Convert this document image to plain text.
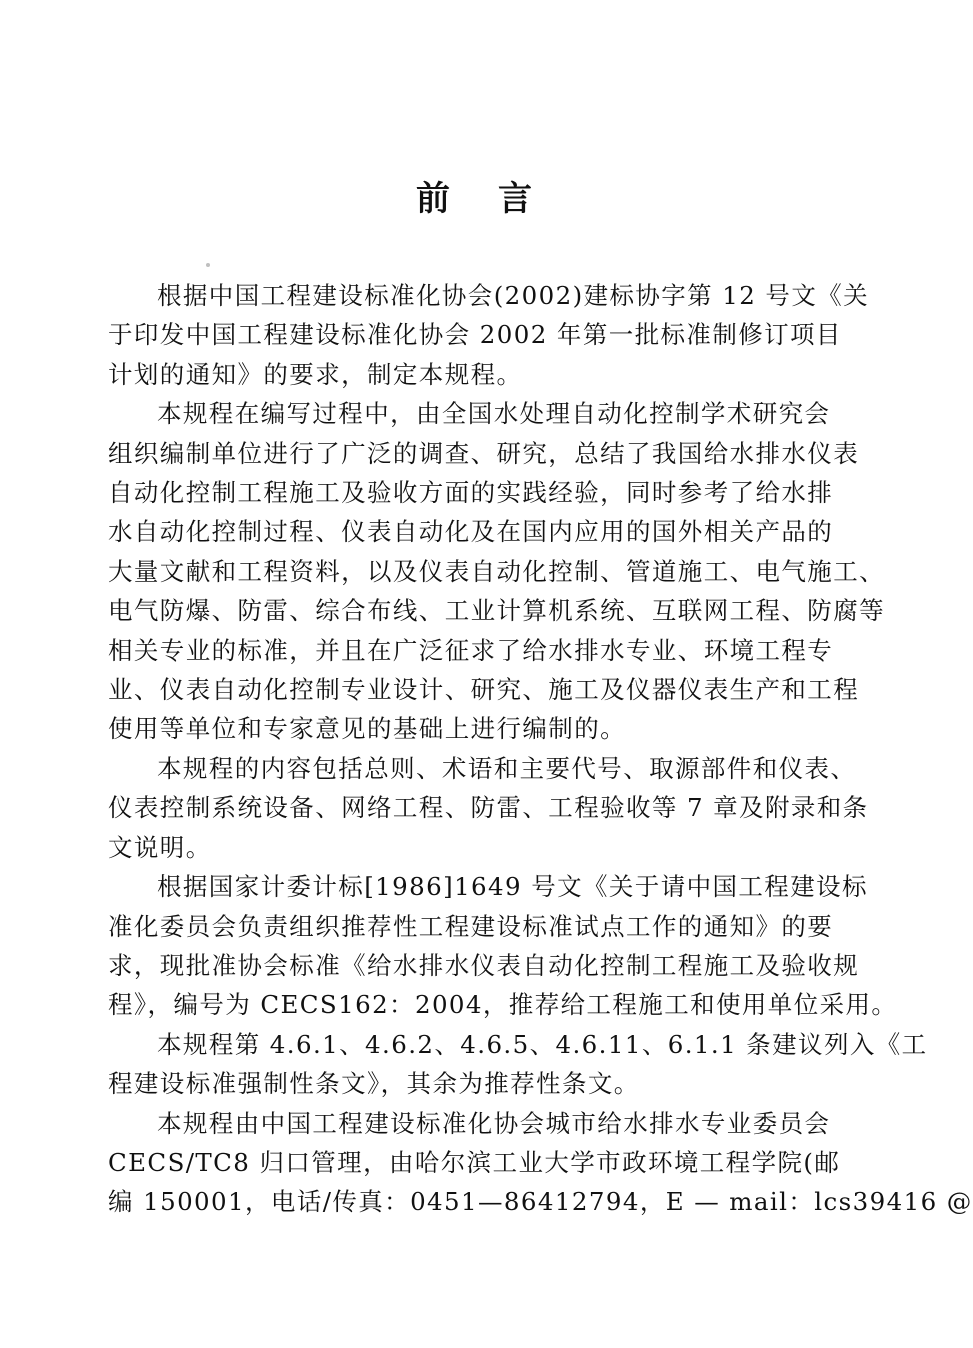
前 言

根据中国工程建设标准化协会(2002)建标协字第 12 号文《关
于印发中国工程建设标准化协会 2002 年第一批标准制修订项目
计划的通知》的要求，制定本规程。

本规程在编写过程中，由全国水处理自动化控制学术研究会
组织编制单位进行了广泛的调查、研究，总结了我国给水排水仪表
自动化控制工程施工及验收方面的实践经验，同时参考了给水排
水自动化控制过程、仪表自动化及在国内应用的国外相关产品的
大量文献和工程资料，以及仪表自动化控制、管道施工、电气施工、
电气防爆、防雷、综合布线、工业计算机系统、互联网工程、防腐等
相关专业的标准，并且在广泛征求了给水排水专业、环境工程专
业、仪表自动化控制专业设计、研究、施工及仪器仪表生产和工程
使用等单位和专家意见的基础上进行编制的。

本规程的内容包括总则、术语和主要代号、取源部件和仪表、
仪表控制系统设备、网络工程、防雷、工程验收等 7 章及附录和条
文说明。

根据国家计委计标[1986]1649 号文《关于请中国工程建设标
准化委员会负责组织推荐性工程建设标准试点工作的通知》的要
求，现批准协会标准《给水排水仪表自动化控制工程施工及验收规
程》，编号为 CECS162：2004，推荐给工程施工和使用单位采用。

本规程第 4.6.1、4.6.2、4.6.5、4.6.11、6.1.1 条建议列入《工
程建设标准强制性条文》，其余为推荐性条文。

本规程由中国工程建设标准化协会城市给水排水专业委员会
CECS/TC8 归口管理，由哈尔滨工业大学市政环境工程学院(邮
编 150001，电话/传真：0451—86412794，E — mail：lcs39416 @
